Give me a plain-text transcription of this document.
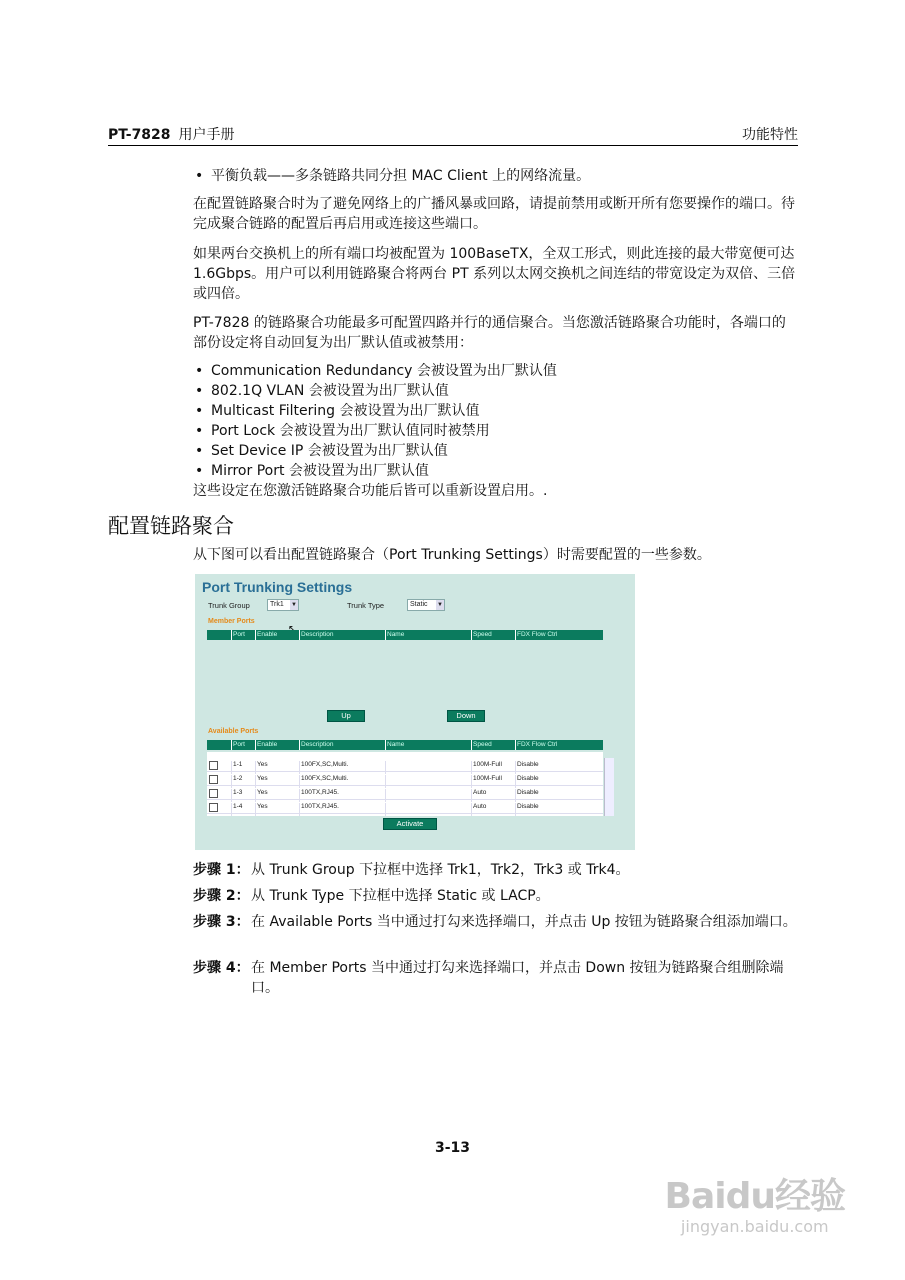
PT-7828 用户手册	功能特性

• 平衡负载——多条链路共同分担 MAC Client 上的网络流量。

在配置链路聚合时为了避免网络上的广播风暴或回路，请提前禁用或断开所有您要操作的端口。待完成聚合链路的配置后再启用或连接这些端口。

如果两台交换机上的所有端口均被配置为 100BaseTX，全双工形式，则此连接的最大带宽便可达 1.6Gbps。用户可以利用链路聚合将两台 PT 系列以太网交换机之间连结的带宽设定为双倍、三倍或四倍。

PT-7828 的链路聚合功能最多可配置四路并行的通信聚合。当您激活链路聚合功能时，各端口的部份设定将自动回复为出厂默认值或被禁用：

• Communication Redundancy 会被设置为出厂默认值

• 802.1Q VLAN 会被设置为出厂默认值

• Multicast Filtering 会被设置为出厂默认值

• Port Lock 会被设置为出厂默认值同时被禁用

• Set Device IP 会被设置为出厂默认值

• Mirror Port 会被设置为出厂默认值

这些设定在您激活链路聚合功能后皆可以重新设置启用。.

配置链路聚合

从下图可以看出配置链路聚合（Port Trunking Settings）时需要配置的一些参数。

Port Trunking Settings
Trunk Group	Trk1 ▼	Trunk Type	Static ▼
Member Ports
Port Enable	Description	Name	Speed	FDX Flow Ctrl
Up	Down
Available Ports
Port Enable	Description	Name	Speed	FDX Flow Ctrl
1-1 Yes	100FX,SC,Multi.	100M-Full Disable
1-2 Yes	100FX,SC,Multi.	100M-Full Disable
1-3 Yes	100TX,RJ45.	Auto	Disable
1-4 Yes	100TX,RJ45.	Auto	Disable
Activate
步骤 1： 从 Trunk Group 下拉框中选择 Trk1，Trk2，Trk3 或 Trk4。
步骤 2： 从 Trunk Type 下拉框中选择 Static 或 LACP。
步骤 3： 在 Available Ports 当中通过打勾来选择端口，并点击 Up 按钮为链路聚合组添加端口。
步骤 4： 在 Member Ports 当中通过打勾来选择端口，并点击 Down 按钮为链路聚合组删除端口。
3-13
Baidu经验
jingyan.baidu.com
